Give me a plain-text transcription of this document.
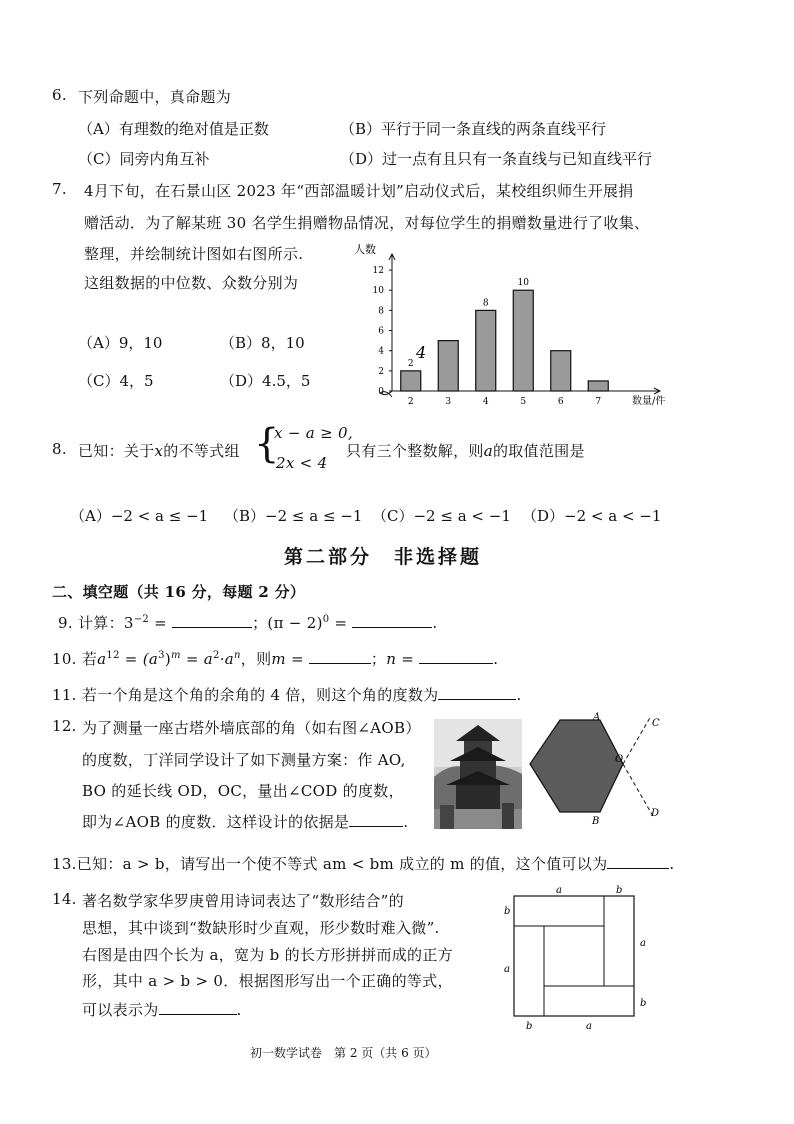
6. 下列命题中，真命题为
（A）有理数的绝对值是正数	（B）平行于同一条直线的两条直线平行
（C）同旁内角互补	（D）过一点有且只有一条直线与已知直线平行
7. 4月下旬，在石景山区 2023 年“西部温暖计划”启动仪式后，某校组织师生开展捐
赠活动．为了解某班 30 名学生捐赠物品情况，对每位学生的捐赠数量进行了收集、
整理，并绘制统计图如右图所示.
这组数据的中位数、众数分别为
（A）9，10	（B）8，10
（C）4，5	（D）4.5，5
0
2
4
6
8
10
12
2	3	4	5	6	7
2
8
10
人数
数量/件
4
8. 已知：关于x的不等式组 {
x − a ≥ 0,
2x < 4
只有三个整数解，则a的取值范围是
（A）−2 < a ≤ −1 （B）−2 ≤ a ≤ −1 （C）−2 ≤ a < −1 （D）−2 < a < −1
第二部分　非选择题
二、填空题（共 16 分，每题 2 分）
9. 计算：$3^{-2}$ =	；$(\pi - 2)^0$ =	.
10. 若$a^{12} = (a^3)^m = a^2\cdot a^n$，则m =	；n =	.
11. 若一个角是这个角的余角的 4 倍，则这个角的度数为	.
12. 为了测量一座古塔外墙底部的角（如右图∠AOB）
的度数，丁洋同学设计了如下测量方案：作 AO,
BO 的延长线 OD，OC，量出∠COD 的度数，
即为∠AOB 的度数．这样设计的依据是	.
A
O
C
D
B
13.已知：a > b，请写出一个使不等式 am < bm 成立的 m 的值，这个值可以为	.
14. 著名数学家华罗庚曾用诗词表达了“数形结合”的
思想，其中谈到“数缺形时少直观，形少数时难入微”.
右图是由四个长为 a，宽为 b 的长方形拼拼而成的正方
形，其中 a > b > 0．根据图形写出一个正确的等式，
可以表示为	.
a	b
b
a
a
b
b	a
初一数学试卷　第 2 页（共 6 页）
